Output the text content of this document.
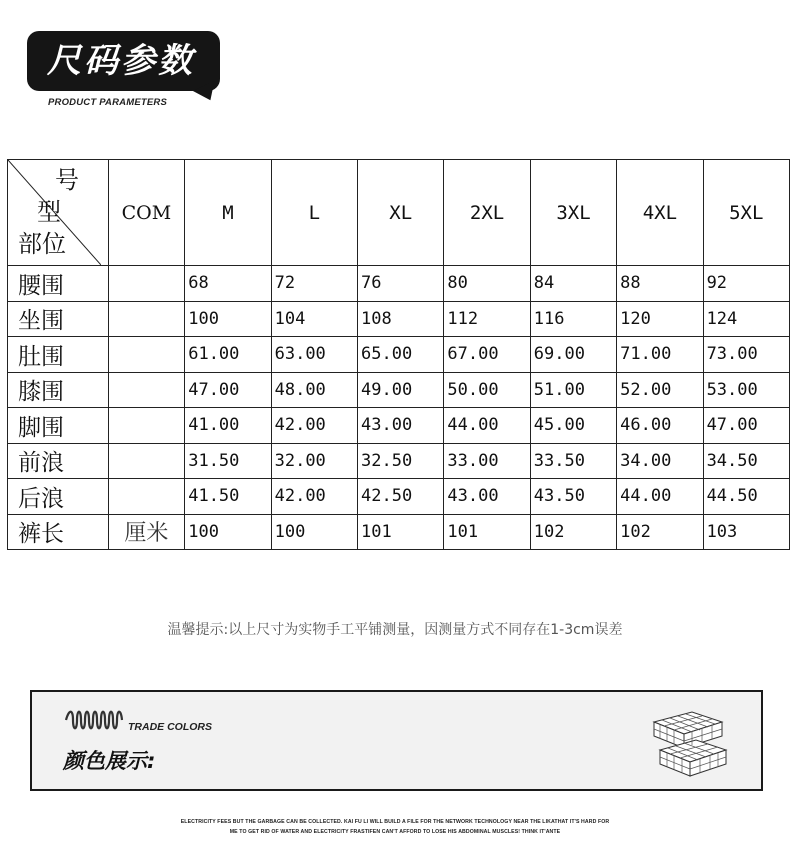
尺码参数
PRODUCT PARAMETERS
号
型
部位	COM	M	L	XL	2XL	3XL	4XL	5XL
腰围		68	72	76	80	84	88	92
坐围		100	104	108	112	116	120	124
肚围		61.00	63.00	65.00	67.00	69.00	71.00	73.00
膝围		47.00	48.00	49.00	50.00	51.00	52.00	53.00
脚围		41.00	42.00	43.00	44.00	45.00	46.00	47.00
前浪		31.50	32.00	32.50	33.00	33.50	34.00	34.50
后浪		41.50	42.00	42.50	43.00	43.50	44.00	44.50
裤长	厘米	100	100	101	101	102	102	103
温馨提示:以上尺寸为实物手工平铺测量，因测量方式不同存在1-3cm误差
TRADE COLORS
颜色展示:
ELECTRICITY FEES BUT THE GARBAGE CAN BE COLLECTED. KAI FU LI WILL BUILD A FILE FOR THE NETWORK TECHNOLOGY NEAR THE LIKATHAT IT'S HARD FOR
ME TO GET RID OF WATER AND ELECTRICITY FRASTIFEN CAN'T AFFORD TO LOSE HIS ABDOMINAL MUSCLES! THINK IT'ANTE
